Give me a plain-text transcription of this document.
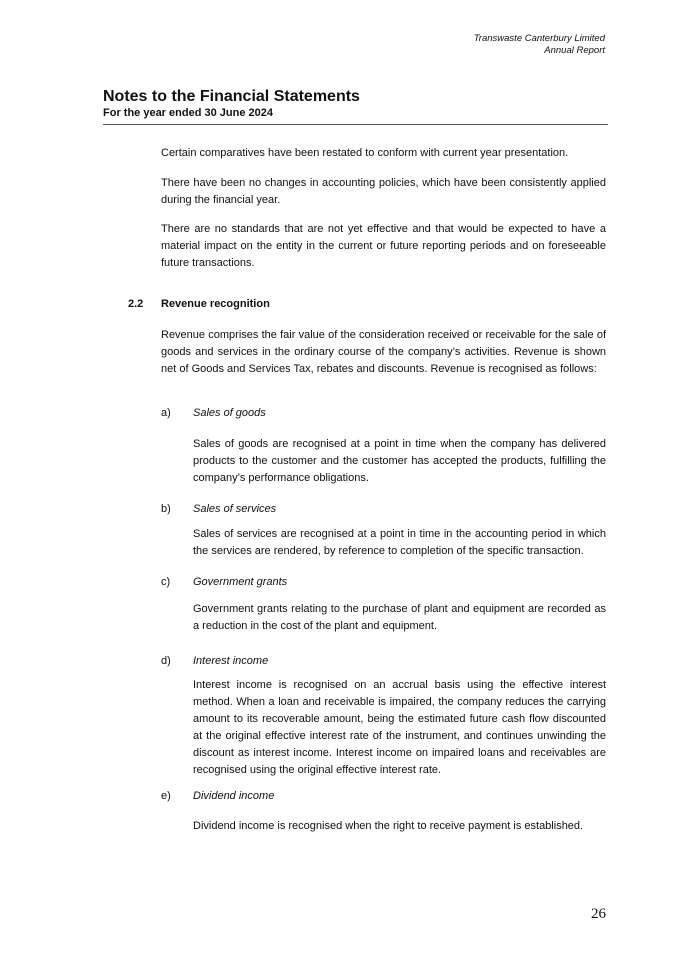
Transwaste Canterbury Limited
Annual Report
Notes to the Financial Statements
For the year ended 30 June 2024
Certain comparatives have been restated to conform with current year presentation.
There have been no changes in accounting policies, which have been consistently applied during the financial year.
There are no standards that are not yet effective and that would be expected to have a material impact on the entity in the current or future reporting periods and on foreseeable future transactions.
2.2 Revenue recognition
Revenue comprises the fair value of the consideration received or receivable for the sale of goods and services in the ordinary course of the company’s activities. Revenue is shown net of Goods and Services Tax, rebates and discounts. Revenue is recognised as follows:
a) Sales of goods
Sales of goods are recognised at a point in time when the company has delivered products to the customer and the customer has accepted the products, fulfilling the company’s performance obligations.
b) Sales of services
Sales of services are recognised at a point in time in the accounting period in which the services are rendered, by reference to completion of the specific transaction.
c) Government grants
Government grants relating to the purchase of plant and equipment are recorded as a reduction in the cost of the plant and equipment.
d) Interest income
Interest income is recognised on an accrual basis using the effective interest method. When a loan and receivable is impaired, the company reduces the carrying amount to its recoverable amount, being the estimated future cash flow discounted at the original effective interest rate of the instrument, and continues unwinding the discount as interest income. Interest income on impaired loans and receivables are recognised using the original effective interest rate.
e) Dividend income
Dividend income is recognised when the right to receive payment is established.
26
